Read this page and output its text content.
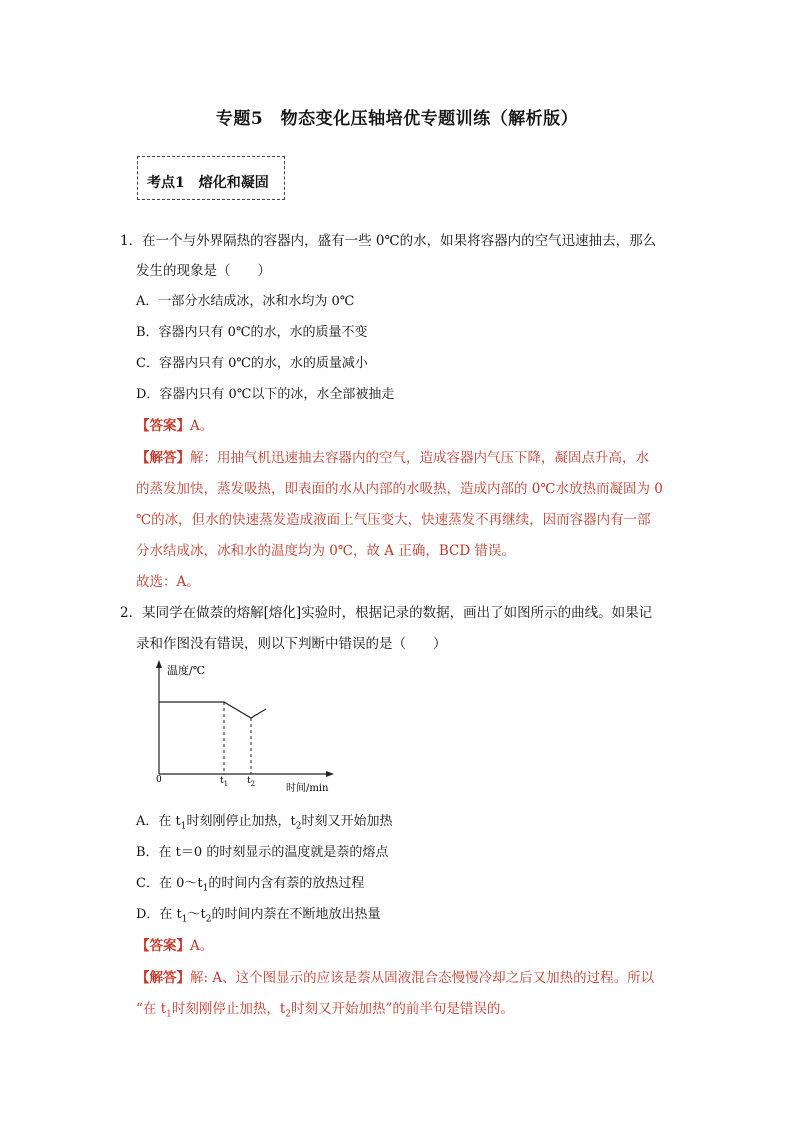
专题5　物态变化压轴培优专题训练（解析版）
考点1　熔化和凝固
1．在一个与外界隔热的容器内，盛有一些 0℃的水，如果将容器内的空气迅速抽去，那么
发生的现象是（　　）
A．一部分水结成冰，冰和水均为 0℃
B．容器内只有 0℃的水，水的质量不变
C．容器内只有 0℃的水，水的质量减小
D．容器内只有 0℃以下的冰，水全部被抽走
【答案】A。
【解答】解：用抽气机迅速抽去容器内的空气，造成容器内气压下降，凝固点升高，水
的蒸发加快，蒸发吸热，即表面的水从内部的水吸热，造成内部的 0℃水放热而凝固为 0
℃的冰，但水的快速蒸发造成液面上气压变大，快速蒸发不再继续，因而容器内有一部
分水结成冰，冰和水的温度均为 0℃，故 A 正确，BCD 错误。
故选：A。
2．某同学在做萘的熔解[熔化]实验时，根据记录的数据，画出了如图所示的曲线。如果记
录和作图没有错误，则以下判断中错误的是（　　）
温度/℃
0	$t_1$ $t_2$	时间/min
A．在 $t_1$时刻刚停止加热，$t_2$时刻又开始加热
B．在 t＝0 的时刻显示的温度就是萘的熔点
C．在 $0\sim t_1$的时间内含有萘的放热过程
D．在 $t_1\sim t_2$的时间内萘在不断地放出热量
【答案】A。
【解答】解: A、这个图显示的应该是萘从固液混合态慢慢冷却之后又加热的过程。所以
“在 $t_1$时刻刚停止加热，$t_2$时刻又开始加热”的前半句是错误的。
